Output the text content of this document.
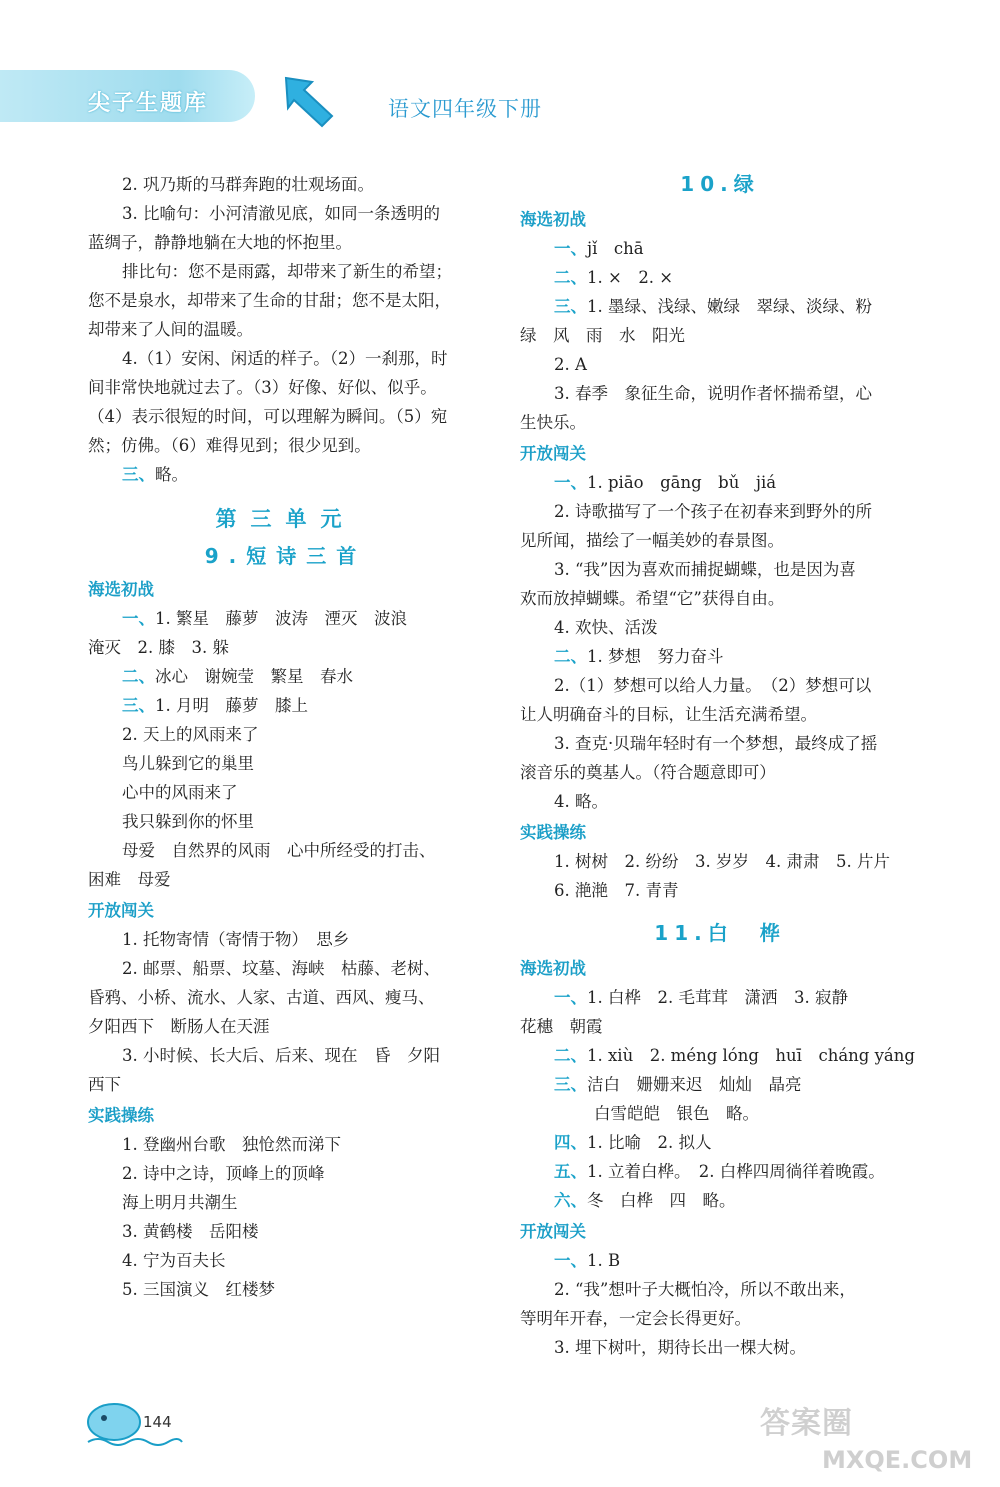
尖子生题库	语文四年级下册
2. 巩乃斯的马群奔跑的壮观场面。
3. 比喻句：小河清澈见底，如同一条透明的
蓝绸子，静静地躺在大地的怀抱里。
排比句：您不是雨露，却带来了新生的希望；
您不是泉水，却带来了生命的甘甜；您不是太阳，
却带来了人间的温暖。
4.（1）安闲、闲适的样子。（2）一刹那，时
间非常快地就过去了。（3）好像、好似、似乎。
（4）表示很短的时间，可以理解为瞬间。（5）宛
然；仿佛。（6）难得见到；很少见到。
三、略。
第三单元
9.短诗三首
海选初战
一、1. 繁星　藤萝　波涛　湮灭　波浪
淹灭　2. 膝　3. 躲
二、冰心　谢婉莹　繁星　春水
三、1. 月明　藤萝　膝上
2. 天上的风雨来了
鸟儿躲到它的巢里
心中的风雨来了
我只躲到你的怀里
母爱　自然界的风雨　心中所经受的打击、
困难　母爱
开放闯关
1. 托物寄情（寄情于物）　思乡
2. 邮票、船票、坟墓、海峡　枯藤、老树、
昏鸦、小桥、流水、人家、古道、西风、瘦马、
夕阳西下　断肠人在天涯
3. 小时候、长大后、后来、现在　昏　夕阳
西下
实践操练
1. 登幽州台歌　独怆然而涕下
2. 诗中之诗，顶峰上的顶峰
海上明月共潮生
3. 黄鹤楼　岳阳楼
4. 宁为百夫长
5. 三国演义　红楼梦
10.绿
海选初战
一、jǐ　chā
二、1. ×　2. ×
三、1. 墨绿、浅绿、嫩绿　翠绿、淡绿、粉
绿　风　雨　水　阳光
2. A
3. 春季　象征生命，说明作者怀揣希望，心
生快乐。
开放闯关
一、1. piāo　gāng　bǔ　jiá
2. 诗歌描写了一个孩子在初春来到野外的所
见所闻，描绘了一幅美妙的春景图。
3. “我”因为喜欢而捕捉蝴蝶，也是因为喜
欢而放掉蝴蝶。希望“它”获得自由。
4. 欢快、活泼
二、1. 梦想　努力奋斗
2.（1）梦想可以给人力量。　（2）梦想可以
让人明确奋斗的目标，让生活充满希望。
3. 查克·贝瑞年轻时有一个梦想，最终成了摇
滚音乐的奠基人。（符合题意即可）
4. 略。
实践操练
1. 树树　2. 纷纷　3. 岁岁　4. 肃肃　5. 片片
6. 滟滟　7. 青青
11.白　桦
海选初战
一、1. 白桦　2. 毛茸茸　潇洒　3. 寂静
花穗　朝霞
二、1. xiù　2. méng lóng　huī　cháng yáng
三、洁白　姗姗来迟　灿灿　晶亮
白雪皑皑　银色　略。
四、1. 比喻　2. 拟人
五、1. 立着白桦。　2. 白桦四周徜徉着晚霞。
六、冬　白桦　四　略。
开放闯关
一、1. B
2. “我”想叶子大概怕冷，所以不敢出来，
等明年开春，一定会长得更好。
3. 埋下树叶，期待长出一棵大树。
144	答案圈
MXQE.COM
